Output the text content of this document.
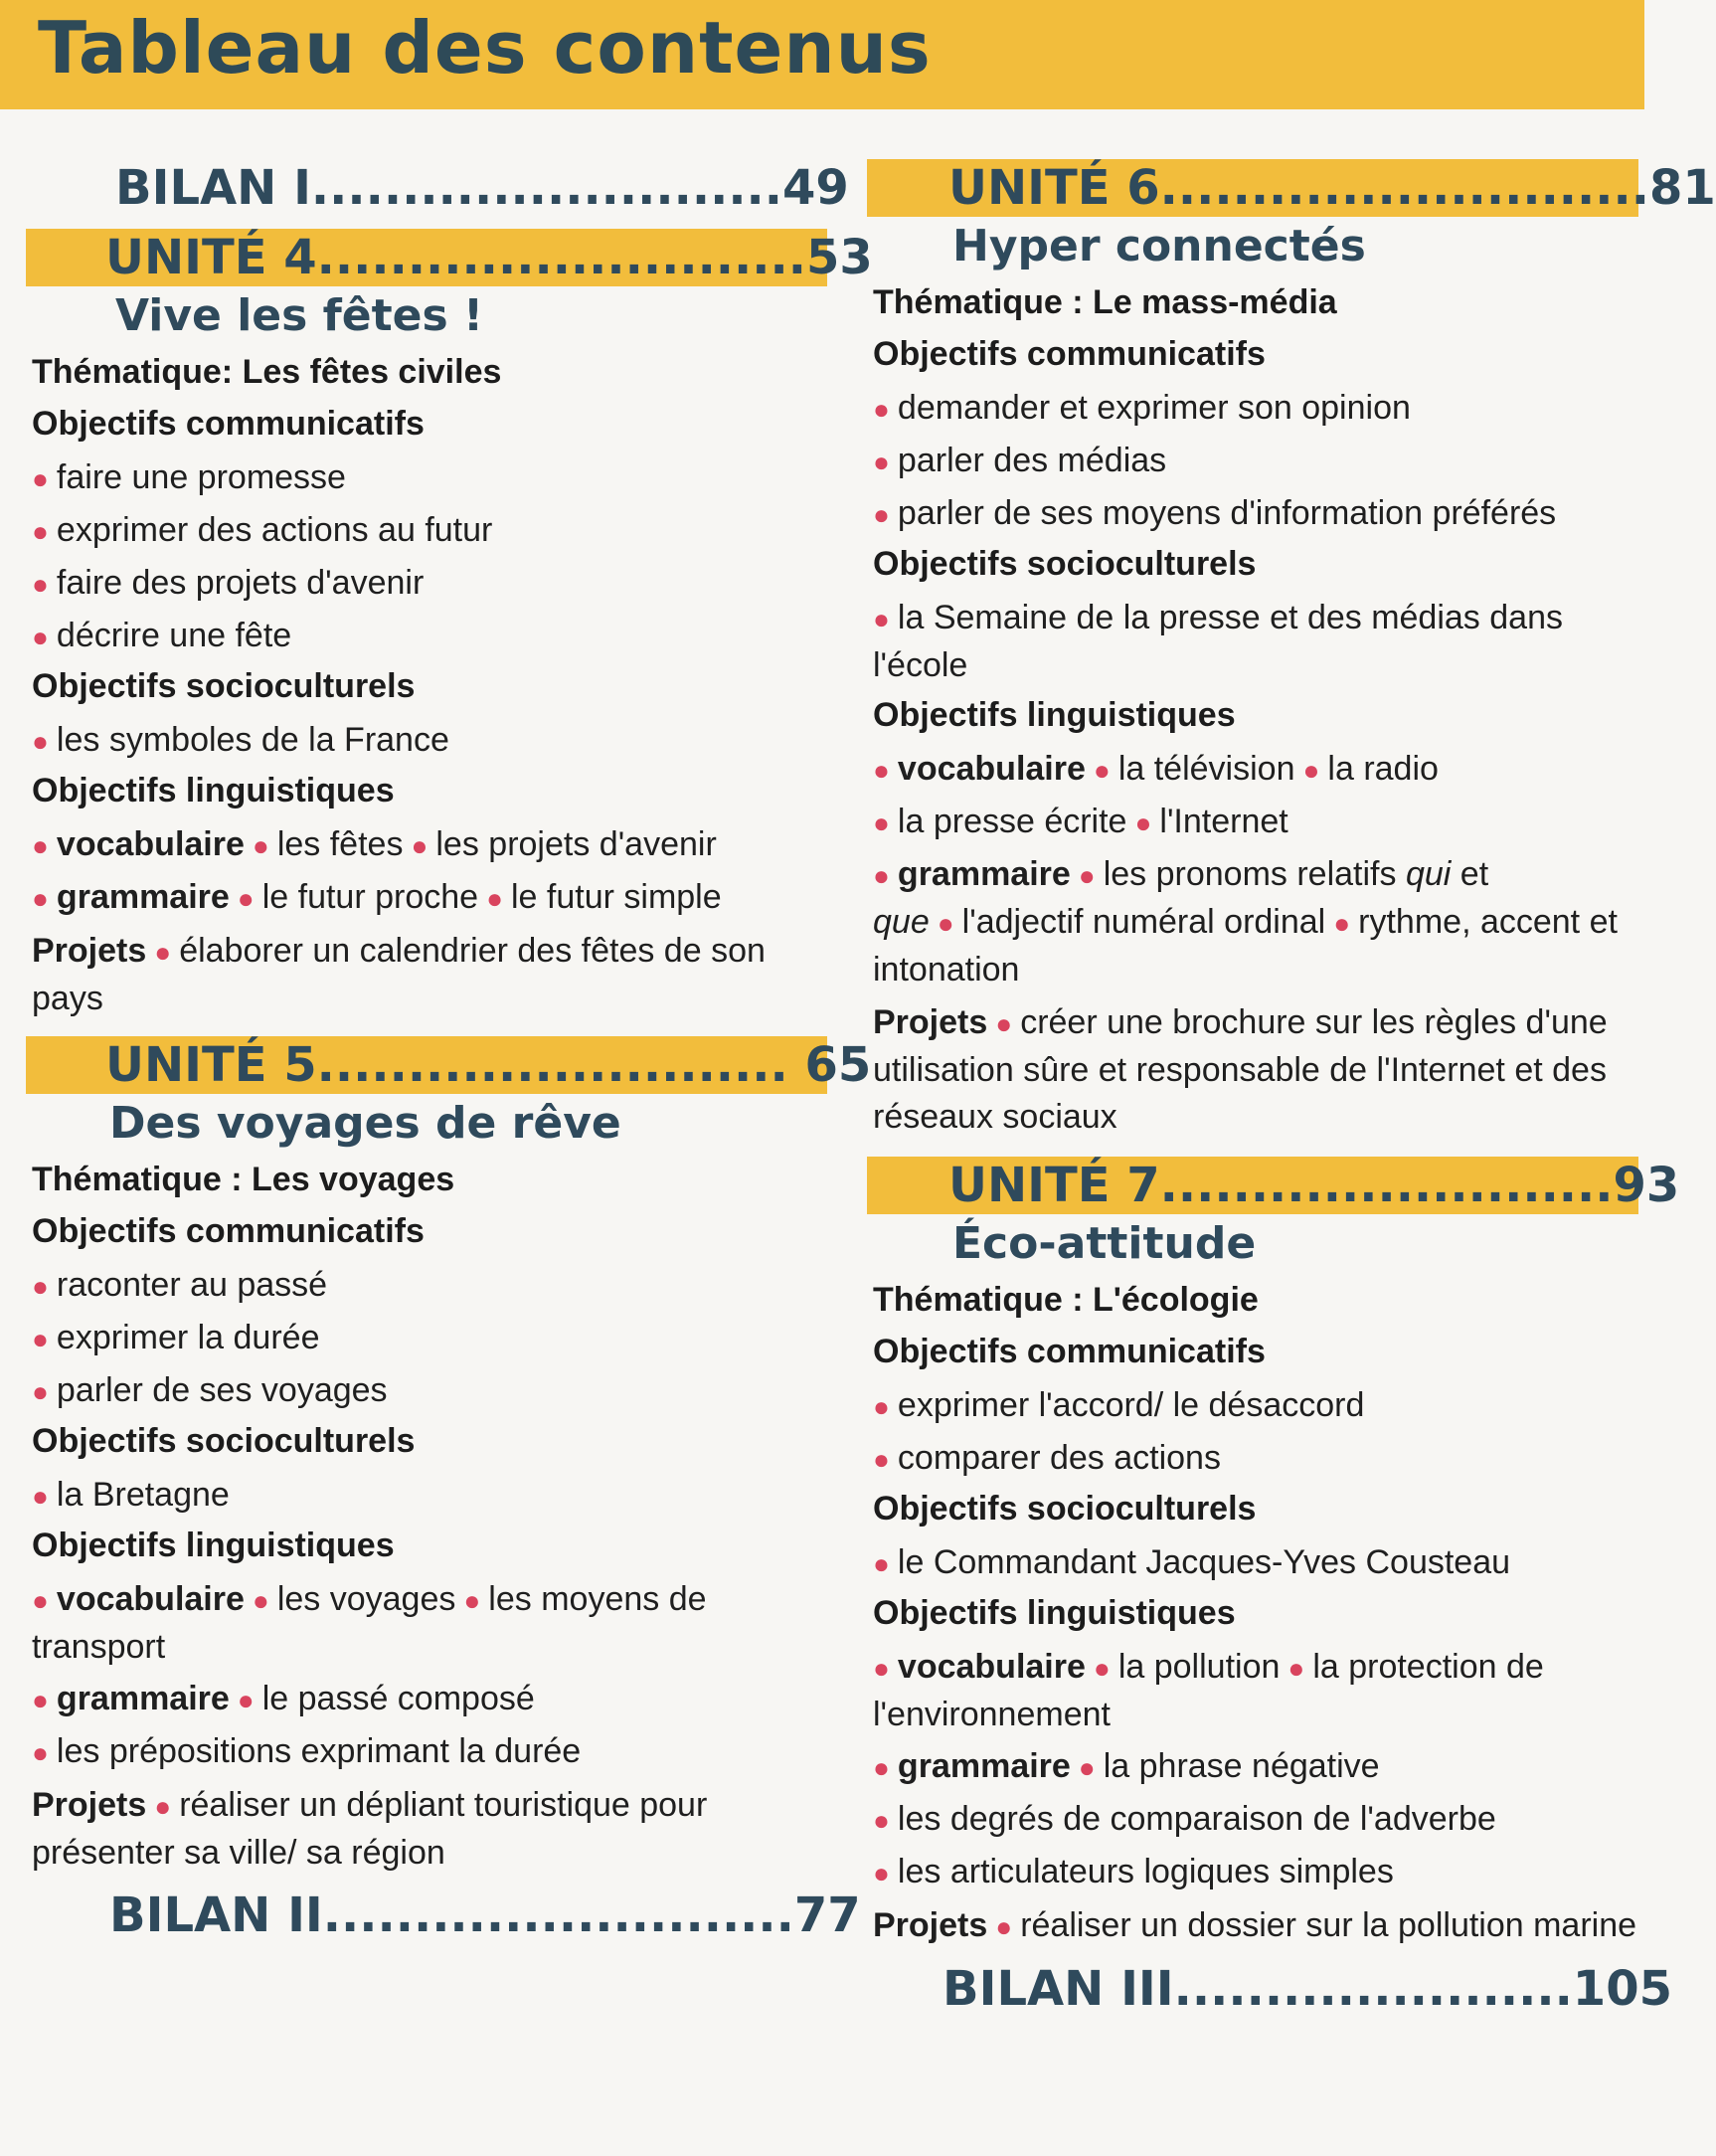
Tableau des contenus
BILAN I..........................49
UNITÉ 4...........................53
Vive les fêtes !
Thématique: Les fêtes civiles
Objectifs communicatifs
● faire une promesse
● exprimer des actions au futur
● faire des projets d'avenir
● décrire une fête
Objectifs socioculturels
● les symboles de la France
Objectifs linguistiques
● vocabulaire ● les fêtes ● les projets d'avenir
● grammaire ● le futur proche ● le futur simple
Projets ● élaborer un calendrier des fêtes de son pays
UNITÉ 5.......................... 65
Des voyages de rêve
Thématique : Les voyages
Objectifs communicatifs
● raconter au passé
● exprimer la durée
● parler de ses voyages
Objectifs socioculturels
● la Bretagne
Objectifs linguistiques
● vocabulaire ● les voyages ● les moyens de transport
● grammaire ● le passé composé
● les prépositions exprimant la durée
Projets ● réaliser un dépliant touristique pour présenter sa ville/ sa région
BILAN II..........................77
UNITÉ 6...........................81
Hyper connectés
Thématique : Le mass-média
Objectifs communicatifs
● demander et exprimer son opinion
● parler des médias
● parler de ses moyens d'information préférés
Objectifs socioculturels
● la Semaine de la presse et des médias dans l'école
Objectifs linguistiques
● vocabulaire ● la télévision ● la radio
● la presse écrite ● l'Internet
● grammaire ● les pronoms relatifs qui et que ● l'adjectif numéral ordinal ● rythme, accent et intonation
Projets ● créer une brochure sur les règles d'une utilisation sûre et responsable de l'Internet et des réseaux sociaux
UNITÉ 7.........................93
Éco-attitude
Thématique : L'écologie
Objectifs communicatifs
● exprimer l'accord/ le désaccord
● comparer des actions
Objectifs socioculturels
● le Commandant Jacques-Yves Cousteau
Objectifs linguistiques
● vocabulaire ● la pollution ● la protection de l'environnement
● grammaire ● la phrase négative
● les degrés de comparaison de l'adverbe
● les articulateurs logiques simples
Projets ● réaliser un dossier sur la pollution marine
BILAN III......................105
